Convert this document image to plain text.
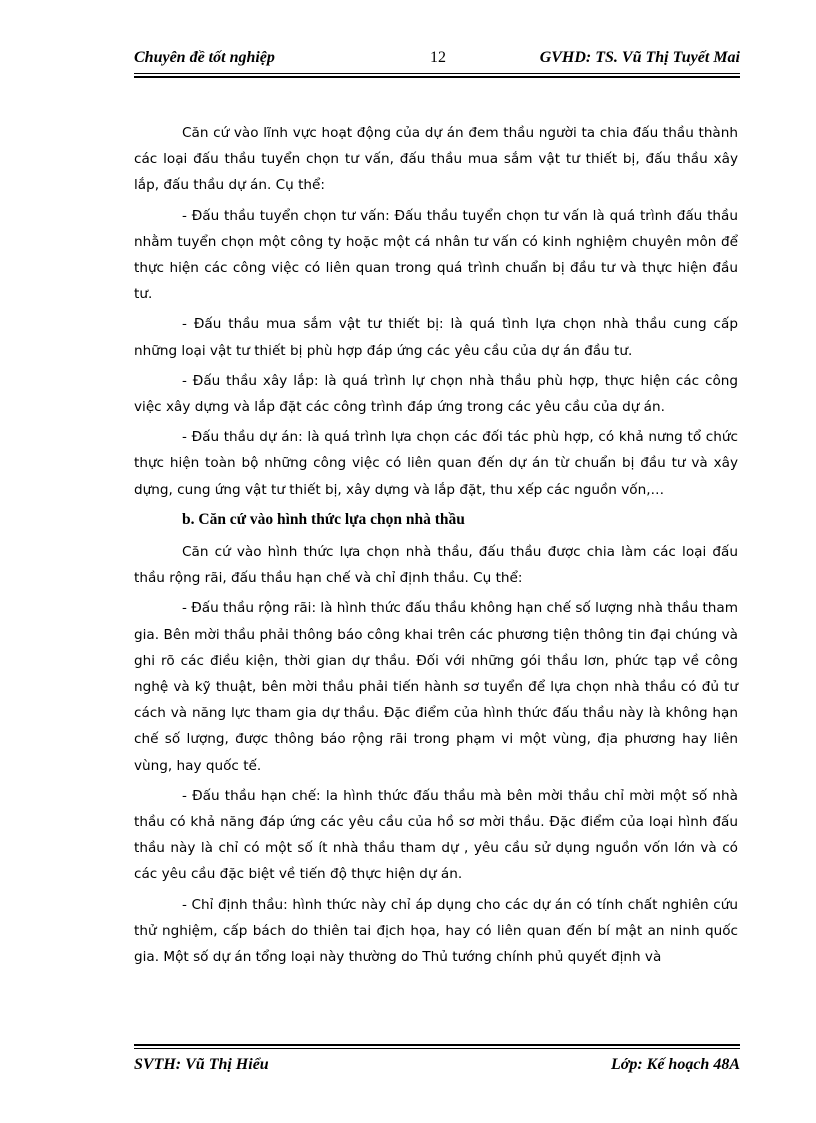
Chuyên đề tốt nghiệp	12	GVHD: TS. Vũ Thị Tuyết Mai

Căn cứ vào lĩnh vực hoạt động của dự án đem thầu người ta chia đấu thầu thành các loại đấu thầu tuyển chọn tư vấn, đấu thầu mua sắm vật tư thiết bị, đấu thầu xây lắp, đấu thầu dự án. Cụ thể:

- Đấu thầu tuyển chọn tư vấn: Đấu thầu tuyển chọn tư vấn là quá trình đấu thầu nhằm tuyển chọn một công ty hoặc một cá nhân tư vấn có kinh nghiệm chuyên môn để thực hiện các công việc có liên quan trong quá trình chuẩn bị đầu tư và thực hiện đầu tư.

- Đấu thầu mua sắm vật tư thiết bị: là quá tình lựa chọn nhà thầu cung cấp những loại vật tư thiết bị phù hợp đáp ứng các yêu cầu của dự án đầu tư.

- Đấu thầu xây lắp: là quá trình lự chọn nhà thầu phù hợp, thực hiện các công việc xây dựng và lắp đặt các công trình đáp ứng trong các yêu cầu của dự án.

- Đấu thầu dự án: là quá trình lựa chọn các đối tác phù hợp, có khả nưng tổ chức thực hiện toàn bộ những công việc có liên quan đến dự án từ chuẩn bị đầu tư và xây dựng, cung ứng vật tư thiết bị, xây dựng và lắp đặt, thu xếp các nguồn vốn,…

b. Căn cứ vào hình thức lựa chọn nhà thầu

Căn cứ vào hình thức lựa chọn nhà thầu, đấu thầu được chia làm các loại đấu thầu rộng rãi, đấu thầu hạn chế và chỉ định thầu. Cụ thể:

- Đấu thầu rộng rãi: là hình thức đấu thầu không hạn chế số lượng nhà thầu tham gia. Bên mời thầu phải thông báo công khai trên các phương tiện thông tin đại chúng và ghi rõ các điều kiện, thời gian dự thầu. Đối với những gói thầu lơn, phức tạp về công nghệ và kỹ thuật, bên mời thầu phải tiến hành sơ tuyển để lựa chọn nhà thầu có đủ tư cách và năng lực tham gia dự thầu. Đặc điểm của hình thức đấu thầu này là không hạn chế số lượng, được thông báo rộng rãi trong phạm vi một vùng, địa phương hay liên vùng, hay quốc tế.

- Đấu thầu hạn chế: la hình thức đấu thầu mà bên mời thầu chỉ mời một số nhà thầu có khả năng đáp ứng các yêu cầu của hồ sơ mời thầu. Đặc điểm của loại hình đấu thầu này là chỉ có một số ít nhà thầu tham dự , yêu cầu sử dụng nguồn vốn lớn và có các yêu cầu đặc biệt về tiến độ thực hiện dự án.

- Chỉ định thầu: hình thức này chỉ áp dụng cho các dự án có tính chất nghiên cứu thử nghiệm, cấp bách do thiên tai địch họa, hay có liên quan đến bí mật an ninh quốc gia. Một số dự án tổng loại này thường do Thủ tướng chính phủ quyết định và

SVTH: Vũ Thị Hiểu	Lớp: Kế hoạch 48A
